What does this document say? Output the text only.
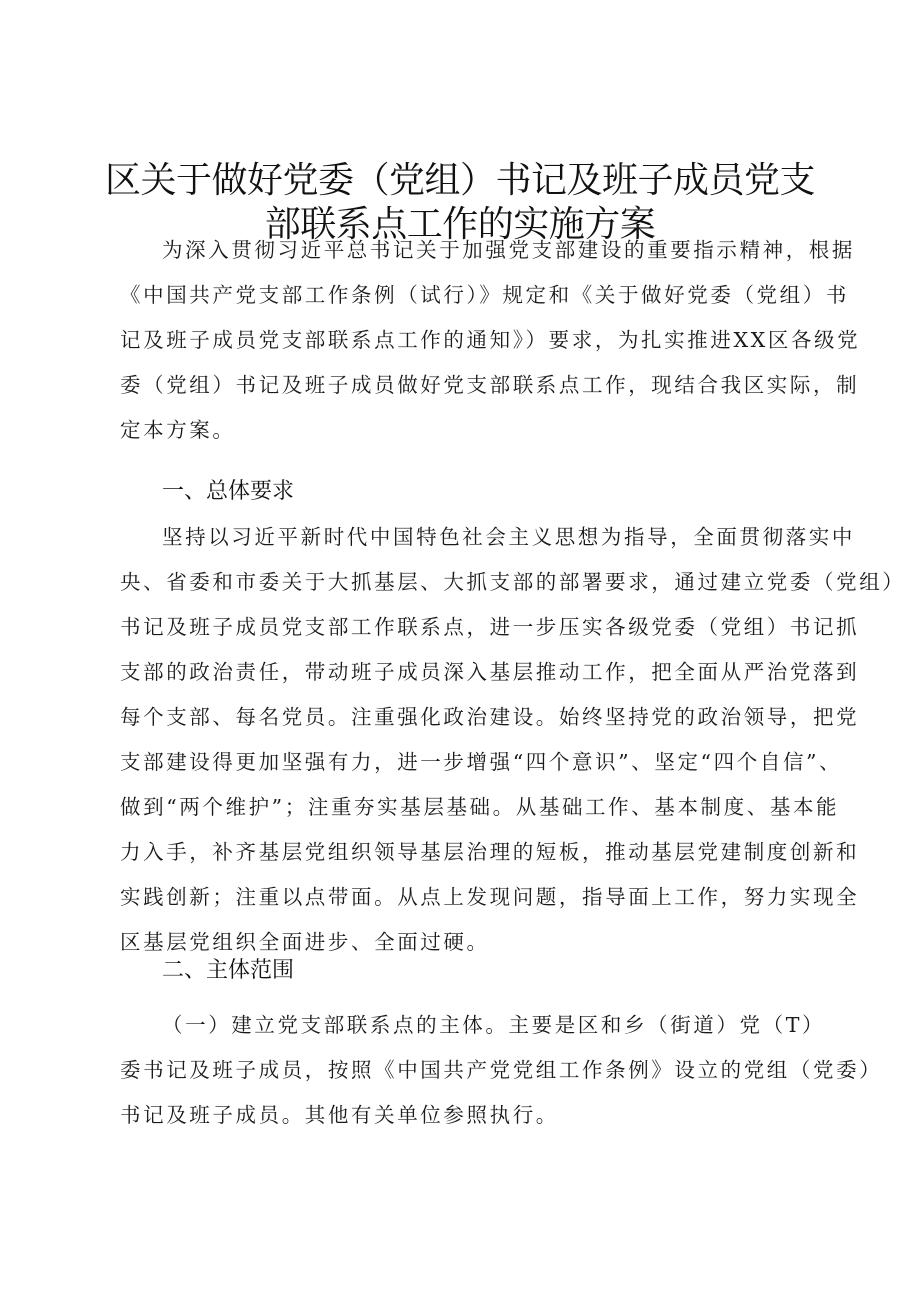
区关于做好党委（党组）书记及班子成员党支
部联系点工作的实施方案
为深入贯彻习近平总书记关于加强党支部建设的重要指示精神，根据
《中国共产党支部工作条例（试行）》规定和《关于做好党委（党组）书
记及班子成员党支部联系点工作的通知》）要求，为扎实推进XX区各级党
委（党组）书记及班子成员做好党支部联系点工作，现结合我区实际，制
定本方案。
一、总体要求
坚持以习近平新时代中国特色社会主义思想为指导，全面贯彻落实中
央、省委和市委关于大抓基层、大抓支部的部署要求，通过建立党委（党组）
书记及班子成员党支部工作联系点，进一步压实各级党委（党组）书记抓
支部的政治责任，带动班子成员深入基层推动工作，把全面从严治党落到
每个支部、每名党员。注重强化政治建设。始终坚持党的政治领导，把党
支部建设得更加坚强有力，进一步增强“四个意识”、坚定“四个自信”、
做到“两个维护”；注重夯实基层基础。从基础工作、基本制度、基本能
力入手，补齐基层党组织领导基层治理的短板，推动基层党建制度创新和
实践创新；注重以点带面。从点上发现问题，指导面上工作，努力实现全
区基层党组织全面进步、全面过硬。
二、主体范围
（一）建立党支部联系点的主体。主要是区和乡（街道）党（T）
委书记及班子成员，按照《中国共产党党组工作条例》设立的党组（党委）
书记及班子成员。其他有关单位参照执行。
